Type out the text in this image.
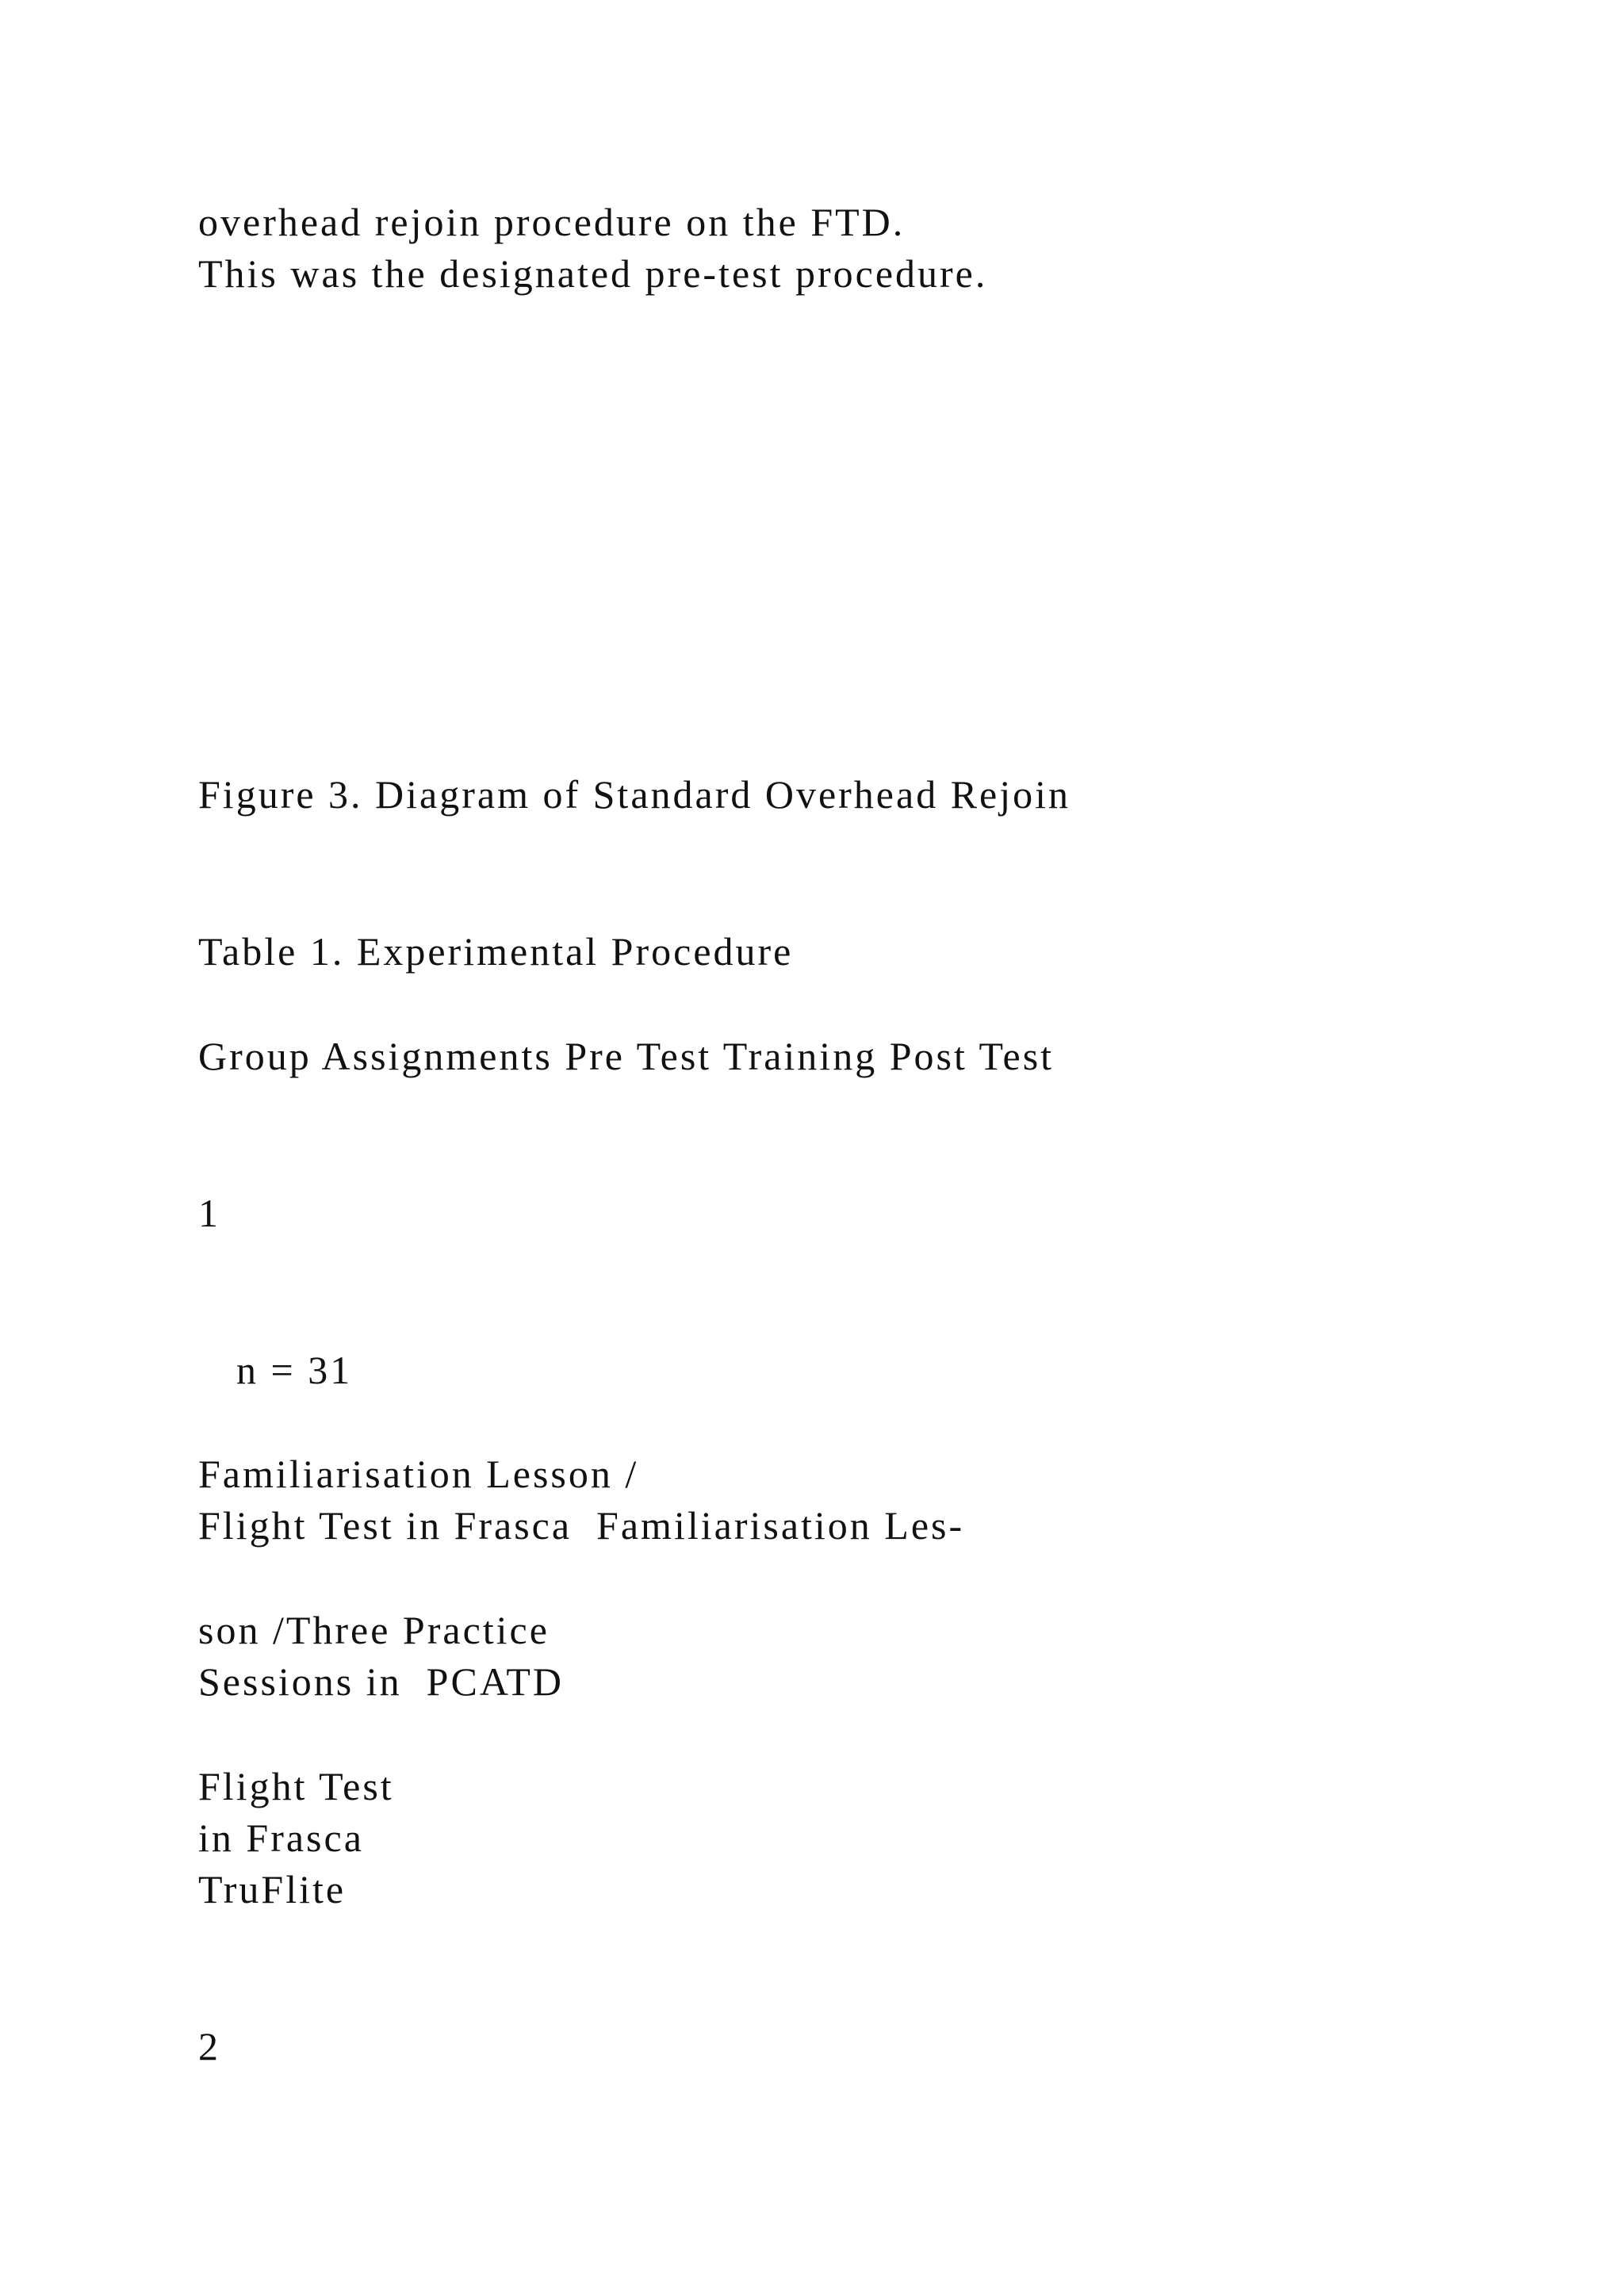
overhead rejoin procedure on the FTD.
This was the designated pre-test procedure.
Figure 3. Diagram of Standard Overhead Rejoin
Table 1. Experimental Procedure
Group Assignments Pre Test Training Post Test
1
n = 31
Familiarisation Lesson /
Flight Test in Frasca  Familiarisation Les-
son /Three Practice
Sessions in  PCATD
Flight Test
in Frasca
TruFlite
2
